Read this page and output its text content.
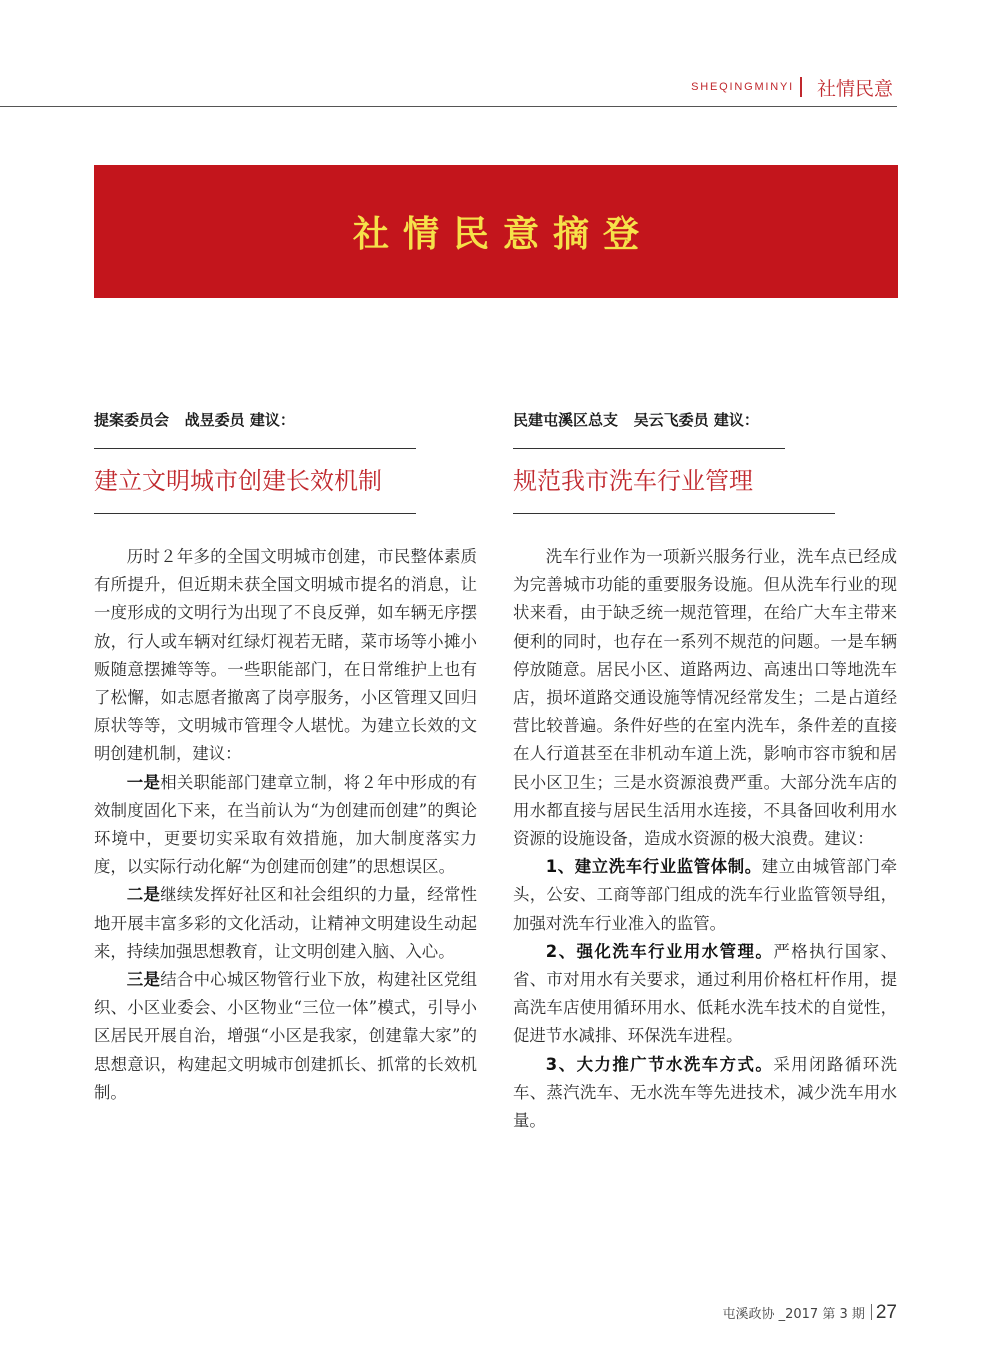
SHEQINGMINYI 社情民意
社情民意摘登
提案委员会   战昱委员 建议：
建立文明城市创建长效机制

历时２年多的全国文明城市创建，市民整体素质有所提升，但近期未获全国文明城市提名的消息，让一度形成的文明行为出现了不良反弹，如车辆无序摆放，行人或车辆对红绿灯视若无睹，菜市场等小摊小贩随意摆摊等等。一些职能部门，在日常维护上也有了松懈，如志愿者撤离了岗亭服务，小区管理又回归原状等等，文明城市管理令人堪忧。为建立长效的文明创建机制，建议：

一是相关职能部门建章立制，将２年中形成的有效制度固化下来，在当前认为“为创建而创建”的舆论环境中，更要切实采取有效措施，加大制度落实力度，以实际行动化解“为创建而创建”的思想误区。

二是继续发挥好社区和社会组织的力量，经常性地开展丰富多彩的文化活动，让精神文明建设生动起来，持续加强思想教育，让文明创建入脑、入心。

三是结合中心城区物管行业下放，构建社区党组织、小区业委会、小区物业“三位一体”模式，引导小区居民开展自治，增强“小区是我家，创建靠大家”的思想意识，构建起文明城市创建抓长、抓常的长效机制。

民建屯溪区总支   吴云飞委员 建议：
规范我市洗车行业管理

洗车行业作为一项新兴服务行业，洗车点已经成为完善城市功能的重要服务设施。但从洗车行业的现状来看，由于缺乏统一规范管理，在给广大车主带来便利的同时，也存在一系列不规范的问题。一是车辆停放随意。居民小区、道路两边、高速出口等地洗车店，损坏道路交通设施等情况经常发生；二是占道经营比较普遍。条件好些的在室内洗车，条件差的直接在人行道甚至在非机动车道上洗，影响市容市貌和居民小区卫生；三是水资源浪费严重。大部分洗车店的用水都直接与居民生活用水连接，不具备回收利用水资源的设施设备，造成水资源的极大浪费。建议：

1、建立洗车行业监管体制。建立由城管部门牵头，公安、工商等部门组成的洗车行业监管领导组，加强对洗车行业准入的监管。

2、强化洗车行业用水管理。严格执行国家、省、市对用水有关要求，通过利用价格杠杆作用，提高洗车店使用循环用水、低耗水洗车技术的自觉性，促进节水减排、环保洗车进程。

3、大力推广节水洗车方式。采用闭路循环洗车、蒸汽洗车、无水洗车等先进技术，减少洗车用水量。

屯溪政协 _2017 第 3 期 27
